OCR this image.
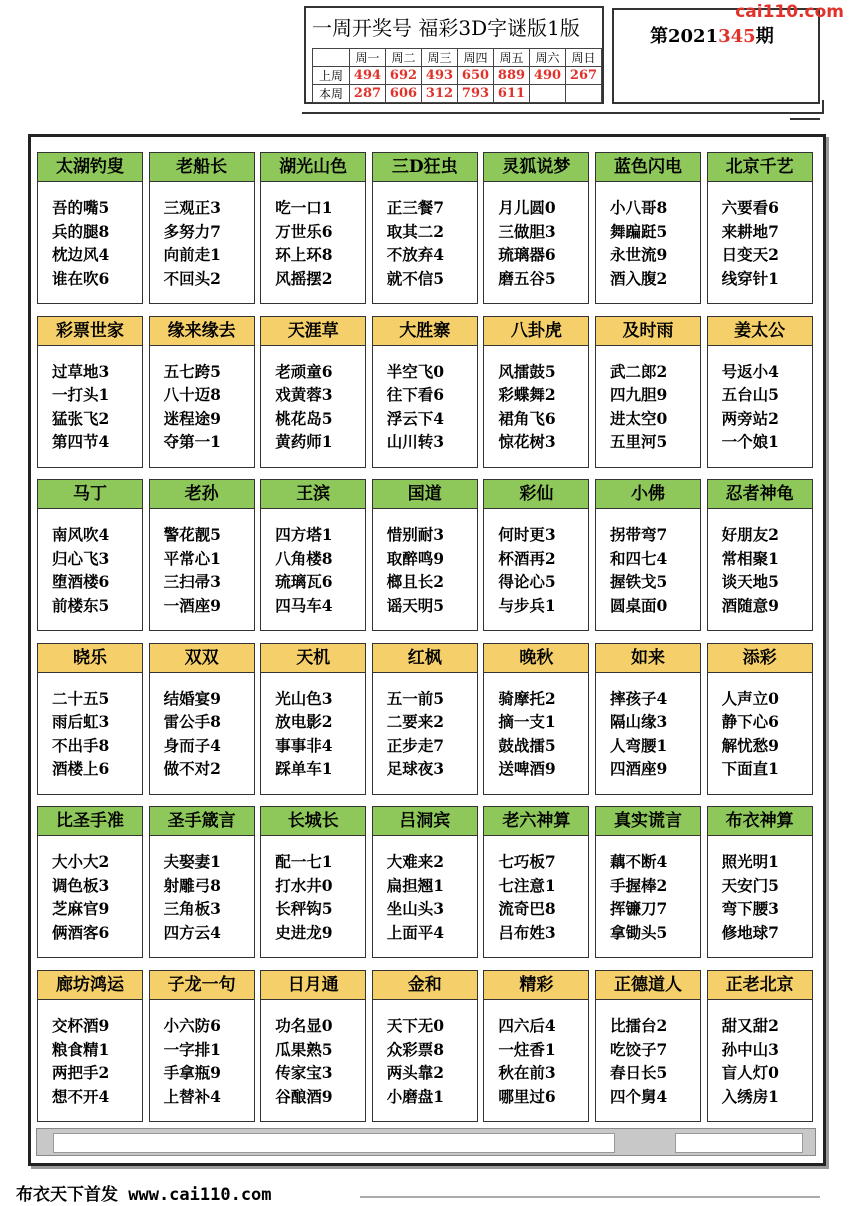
一周开奖号 福彩3D字谜版1版
	周一	周二	周三	周四	周五	周六	周日
上周	494	692	493	650	889	490	267
本周	287	606	312	793	611		
第2021345期
cai110.com
太湖钓叟
吾的嘴5
兵的腿8
枕边风4
谁在吹6
老船长
三观正3
多努力7
向前走1
不回头2
湖光山色
吃一口1
万世乐6
环上环8
风摇摆2
三D狂虫
正三餐7
取其二2
不放弃4
就不信5
灵狐说梦
月儿圆0
三做胆3
琉璃器6
磨五谷5
蓝色闪电
小八哥8
舞蹁跹5
永世流9
酒入腹2
北京千艺
六要看6
来耕地7
日变天2
线穿针1
彩票世家
过草地3
一打头1
猛张飞2
第四节4
缘来缘去
五七跨5
八十迈8
迷程途9
夺第一1
天涯草
老顽童6
戏黄蓉3
桃花岛5
黄药师1
大胜寨
半空飞0
往下看6
浮云下4
山川转3
八卦虎
风擂鼓5
彩蝶舞2
裙角飞6
惊花树3
及时雨
武二郎2
四九胆9
进太空0
五里河5
姜太公
号返小4
五台山5
两旁站2
一个娘1
马丁
南风吹4
归心飞3
堕酒楼6
前楼东5
老孙
警花靓5
平常心1
三扫帚3
一酒座9
王滨
四方塔1
八角楼8
琉璃瓦6
四马车4
国道
惜别耐3
取醉鸣9
榔且长2
谣天明5
彩仙
何时更3
杯酒再2
得论心5
与步兵1
小佛
拐带弯7
和四七4
握铁戈5
圆桌面0
忍者神龟
好朋友2
常相聚1
谈天地5
酒随意9
晓乐
二十五5
雨后虹3
不出手8
酒楼上6
双双
结婚宴9
雷公手8
身而子4
做不对2
天机
光山色3
放电影2
事事非4
踩单车1
红枫
五一前5
二要来2
正步走7
足球夜3
晚秋
骑摩托2
摘一支1
鼓战擂5
送啤酒9
如来
摔孩子4
隔山缘3
人弯腰1
四酒座9
添彩
人声立0
静下心6
解忧愁9
下面直1
比圣手准
大小大2
调色板3
芝麻官9
俩酒客6
圣手箴言
夫娶妻1
射雕弓8
三角板3
四方云4
长城长
配一七1
打水井0
长秤钩5
史进龙9
吕洞宾
大难来2
扁担翘1
坐山头3
上面平4
老六神算
七巧板7
七注意1
流奇巴8
吕布姓3
真实谎言
藕不断4
手握棒2
挥镰刀7
拿锄头5
布衣神算
照光明1
天安门5
弯下腰3
修地球7
廊坊鸿运
交杯酒9
粮食精1
两把手2
想不开4
子龙一句
小六防6
一字排1
手拿瓶9
上替补4
日月通
功名显0
瓜果熟5
传家宝3
谷酿酒9
金和
天下无0
众彩票8
两头靠2
小磨盘1
精彩
四六后4
一炷香1
秋在前3
哪里过6
正德道人
比擂台2
吃饺子7
春日长5
四个舅4
正老北京
甜又甜2
孙中山3
盲人灯0
入绣房1
布衣天下首发 www.cai110.com
